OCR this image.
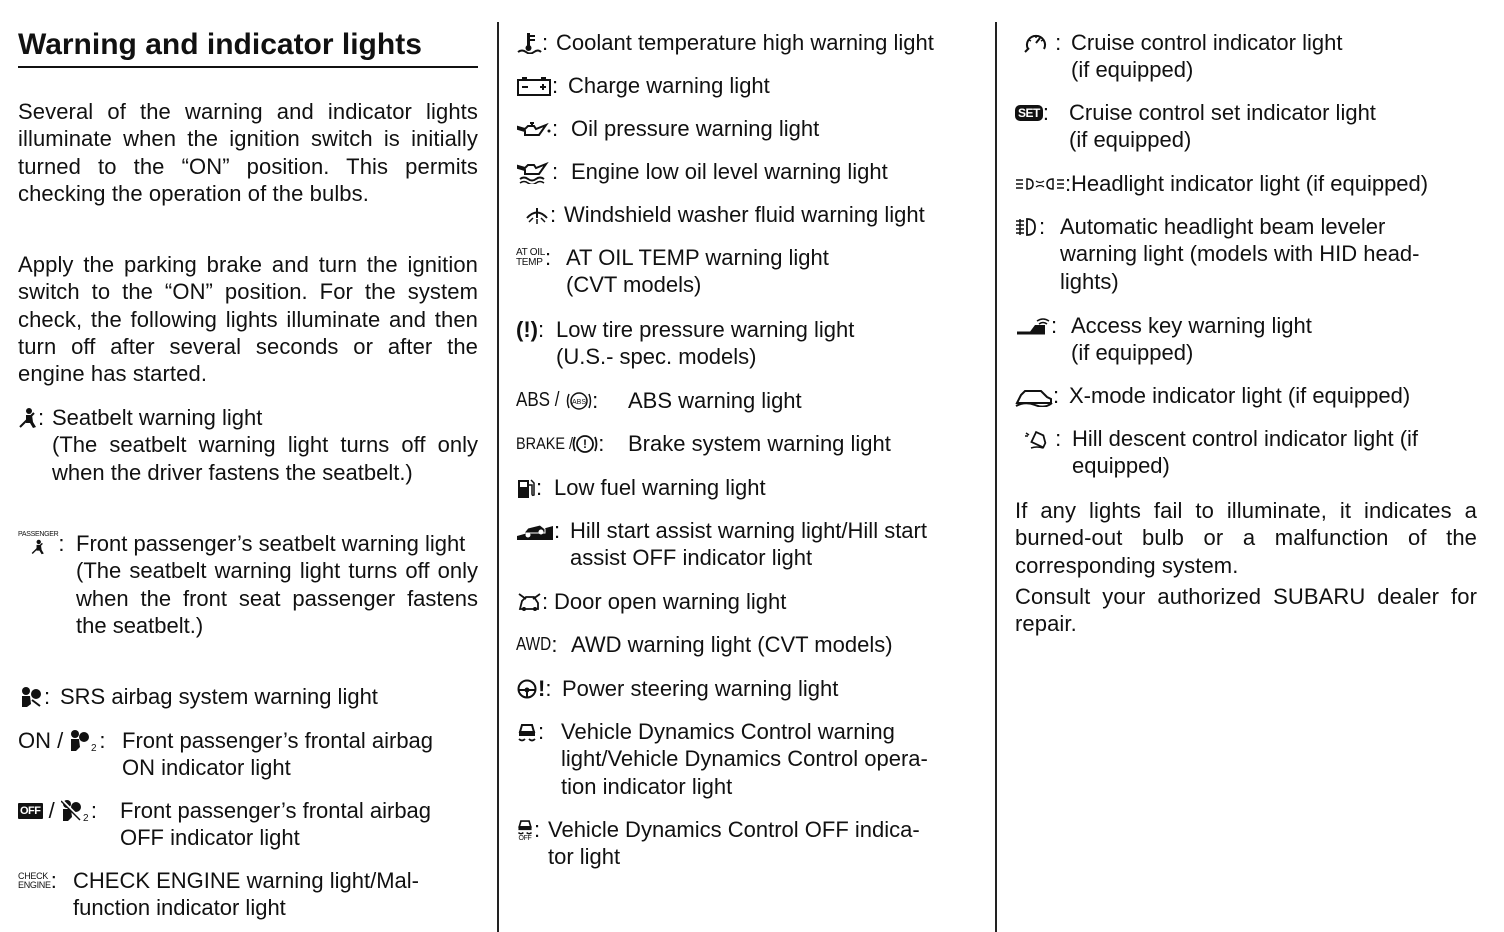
Warning and indicator lights

Several of the warning and indicator lights illuminate when the ignition switch is initially turned to the “ON” position. This permits checking the operation of the bulbs.

Apply the parking brake and turn the ignition switch to the “ON” position. For the system check, the following lights illuminate and then turn off after several seconds or after the engine has started.

: Seatbelt warning light
(The seatbelt warning light turns off only when the driver fastens the seatbelt.)

PASSENGER : Front passenger’s seatbelt warning light
(The seatbelt warning light turns off only when the front seat passenger fastens the seatbelt.)

: SRS airbag system warning light

ON /
	2 : Front passenger’s frontal airbag
ON indicator light

OFF
/
	2 : Front passenger’s frontal airbag
OFF indicator light

CHECK
ENGINE : CHECK ENGINE warning light/Mal-
function indicator light

: Coolant temperature high warning light

: Charge warning light

: Oil pressure warning light

: Engine low oil level warning light

: Windshield washer fluid warning light

AT OIL
TEMP : AT OIL TEMP warning light
(CVT models)

(!) : Low tire pressure warning light
(U.S.- spec. models)

ABS /
ABS : ABS warning light

BRAKE /
! : Brake system warning light

: Low fuel warning light

: Hill start assist warning light/Hill start
assist OFF indicator light

: Door open warning light

AWD : AWD warning light (CVT models)

! : Power steering warning light

: Vehicle Dynamics Control warning
light/Vehicle Dynamics Control opera-
tion indicator light

OFF : Vehicle Dynamics Control OFF indica-
tor light

: Cruise control indicator light
(if equipped)

SET : Cruise control set indicator light
(if equipped)

: Headlight indicator light (if equipped)

: Automatic headlight beam leveler
warning light (models with HID head-
lights)

: Access key warning light
(if equipped)

: X-mode indicator light (if equipped)

: Hill descent control indicator light (if
equipped)

If any lights fail to illuminate, it indicates a burned-out bulb or a malfunction of the corresponding system.

Consult your authorized SUBARU dealer for repair.
